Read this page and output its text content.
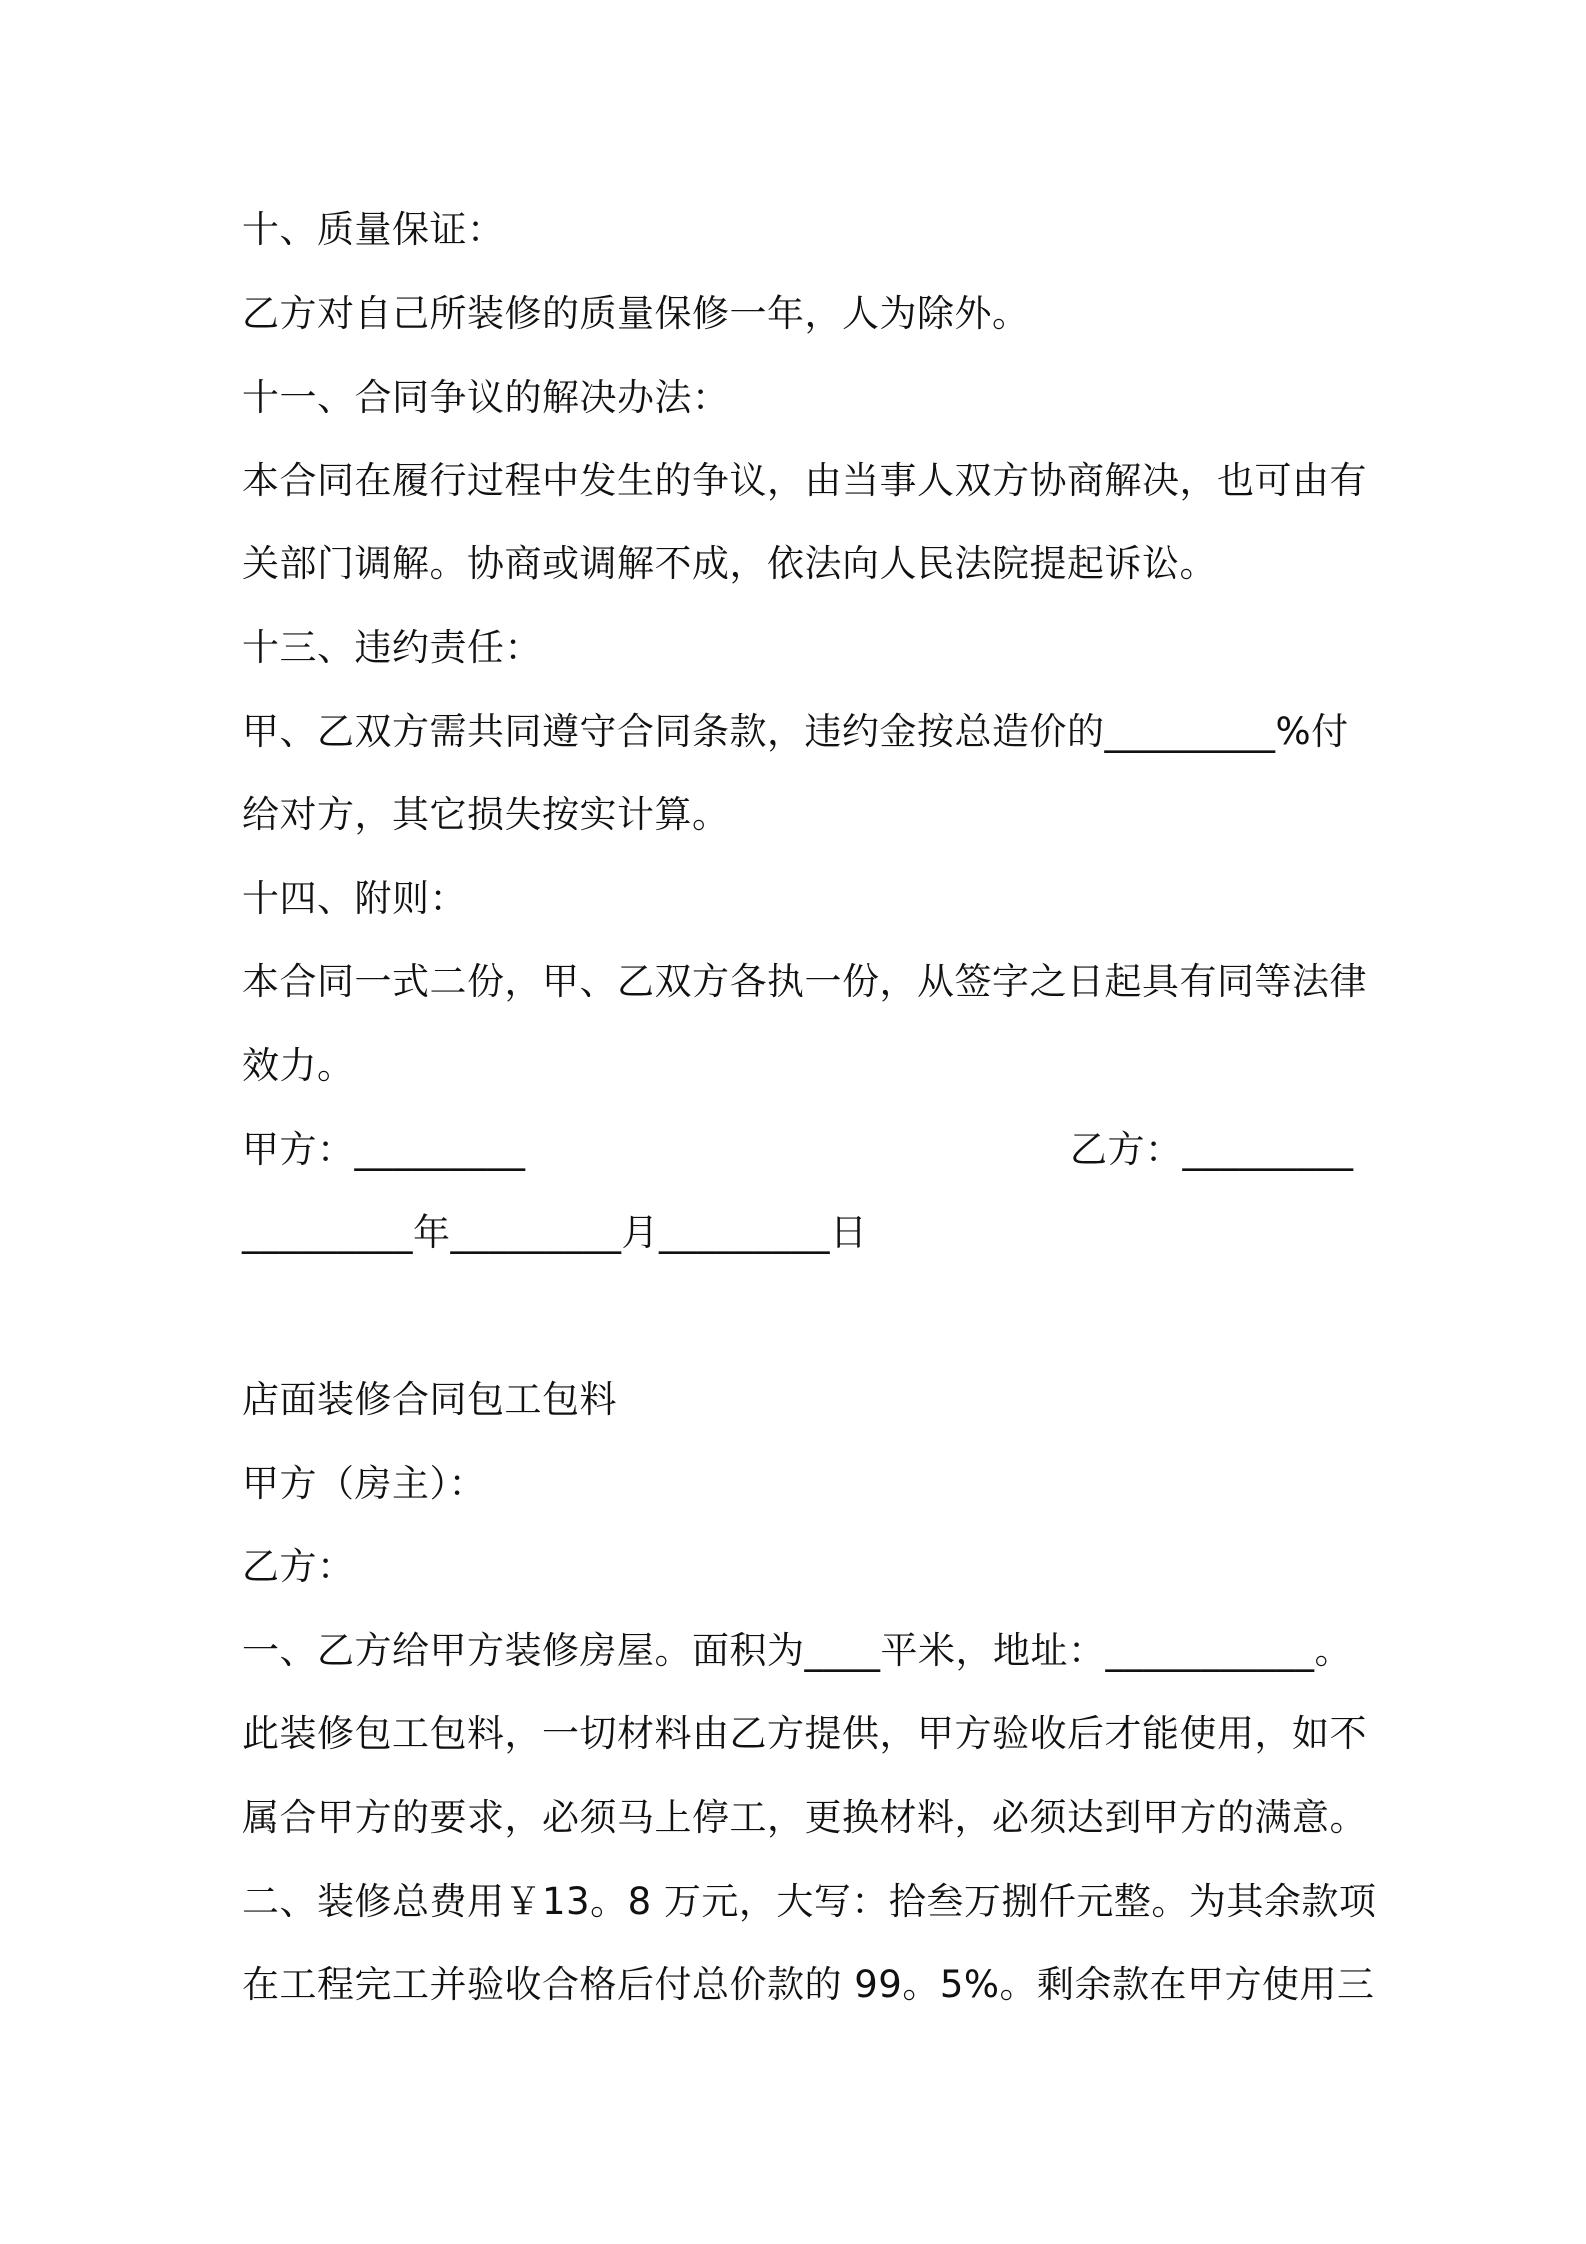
十、质量保证：
乙方对自己所装修的质量保修一年，人为除外。
十一、合同争议的解决办法：
本合同在履行过程中发生的争议，由当事人双方协商解决，也可由有
关部门调解。协商或调解不成，依法向人民法院提起诉讼。
十三、违约责任：
甲、乙双方需共同遵守合同条款，违约金按总造价的_________%付
给对方，其它损失按实计算。
十四、附则：
本合同一式二份，甲、乙双方各执一份，从签字之日起具有同等法律
效力。
甲方：_________	乙方：_________
_________年_________月_________日
店面装修合同包工包料
甲方（房主）：
乙方：
一、乙方给甲方装修房屋。面积为____平米，地址：___________。
此装修包工包料，一切材料由乙方提供，甲方验收后才能使用，如不
属合甲方的要求，必须马上停工，更换材料，必须达到甲方的满意。
二、装修总费用￥13。8 万元，大写：拾叁万捌仟元整。为其余款项
在工程完工并验收合格后付总价款的 99。5%。剩余款在甲方使用三
